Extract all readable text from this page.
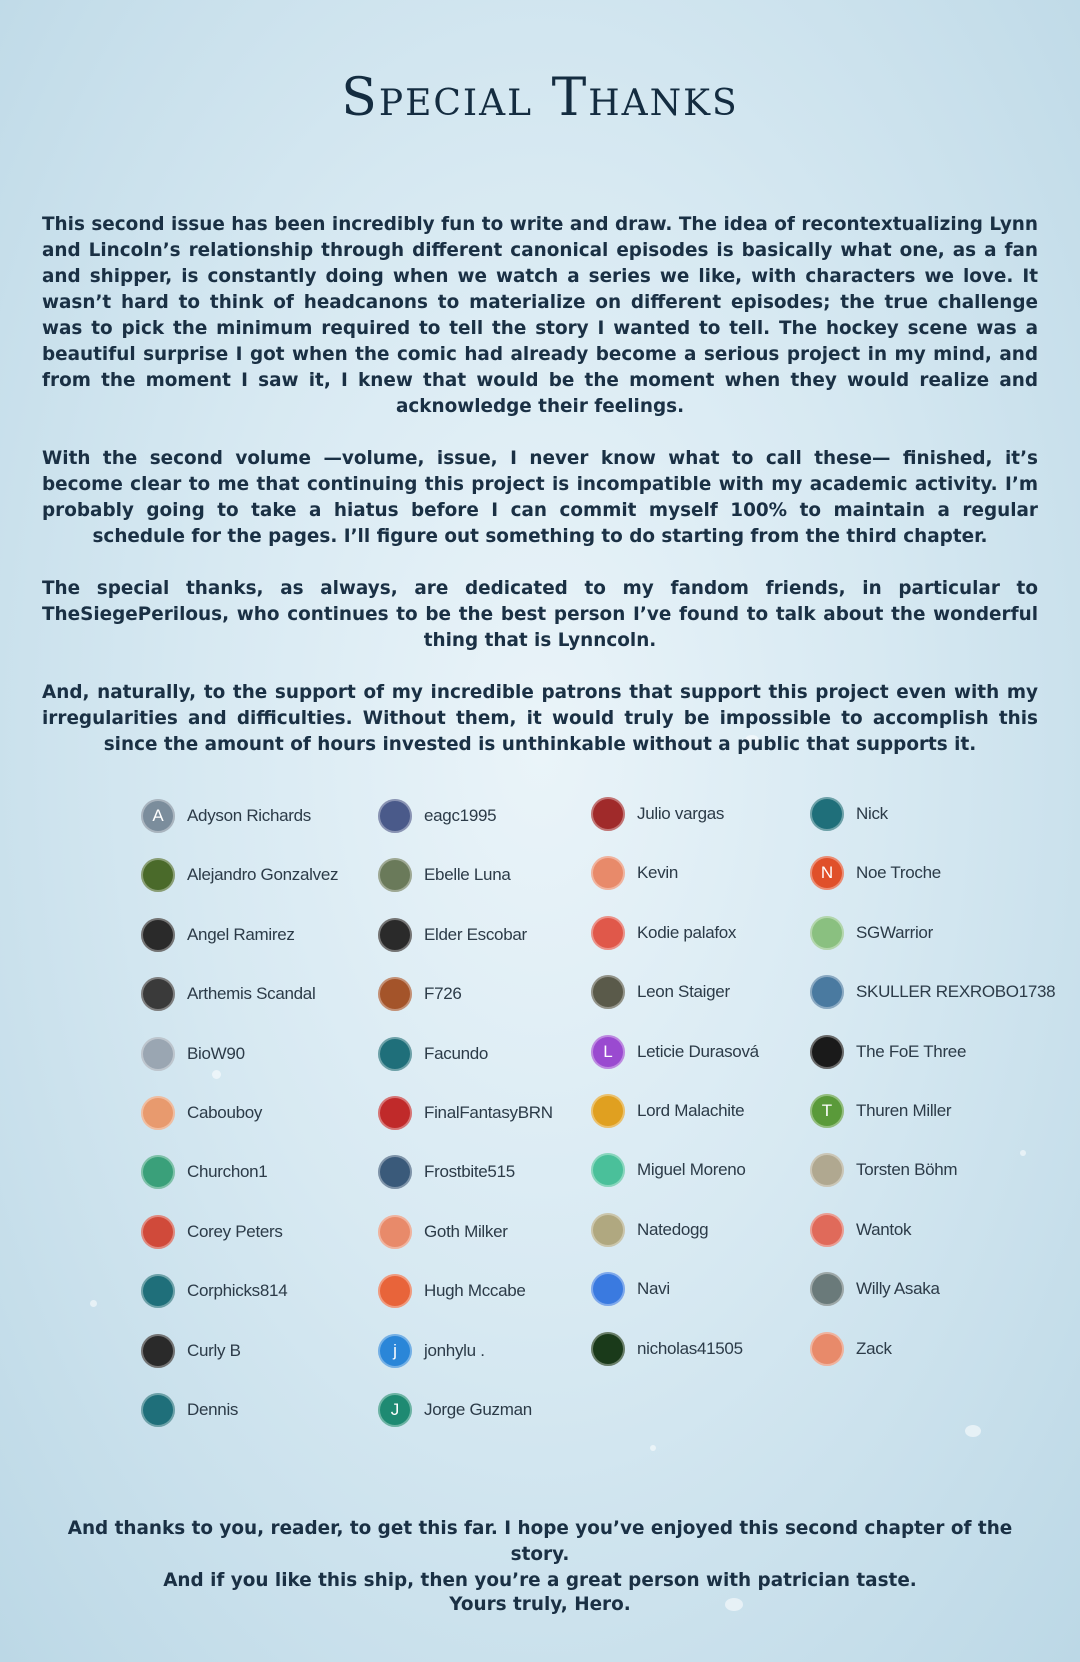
Special Thanks

This second issue has been incredibly fun to write and draw. The idea of recontextualizing Lynn and Lincoln’s relationship through different canonical episodes is basically what one, as a fan and shipper, is constantly doing when we watch a series we like, with characters we love. It wasn’t hard to think of headcanons to materialize on different episodes; the true challenge was to pick the minimum required to tell the story I wanted to tell. The hockey scene was a beautiful surprise I got when the comic had already become a serious project in my mind, and from the moment I saw it, I knew that would be the moment when they would realize and acknowledge their feelings.

With the second volume —volume, issue, I never know what to call these— finished, it’s become clear to me that continuing this project is incompatible with my academic activity. I’m probably going to take a hiatus before I can commit myself 100% to maintain a regular schedule for the pages. I’ll figure out something to do starting from the third chapter.

The special thanks, as always, are dedicated to my fandom friends, in particular to TheSiegePerilous, who continues to be the best person I’ve found to talk about the wonderful thing that is Lynncoln.

And, naturally, to the support of my incredible patrons that support this project even with my irregularities and difficulties. Without them, it would truly be impossible to accomplish this since the amount of hours invested is unthinkable without a public that supports it.

A	Adyson Richards
Alejandro Gonzalvez
Angel Ramirez
Arthemis Scandal
BioW90
Cabouboy
Churchon1
Corey Peters
Corphicks814
Curly B
Dennis
eagc1995
Ebelle Luna
Elder Escobar
F726
Facundo
FinalFantasyBRN
Frostbite515
Goth Milker
Hugh Mccabe
j	jonhylu .
J	Jorge Guzman
Julio vargas
Kevin
Kodie palafox
Leon Staiger
L	Leticie Durasová
Lord Malachite
Miguel Moreno
Natedogg
Navi
nicholas41505
Nick
N	Noe Troche
SGWarrior
SKULLER REXROBO1738
The FoE Three
T	Thuren Miller
Torsten Böhm
Wantok
Willy Asaka
Zack

And thanks to you, reader, to get this far. I hope you’ve enjoyed this second chapter of the story.

And if you like this ship, then you’re a great person with patrician taste.

Yours truly, Hero.
